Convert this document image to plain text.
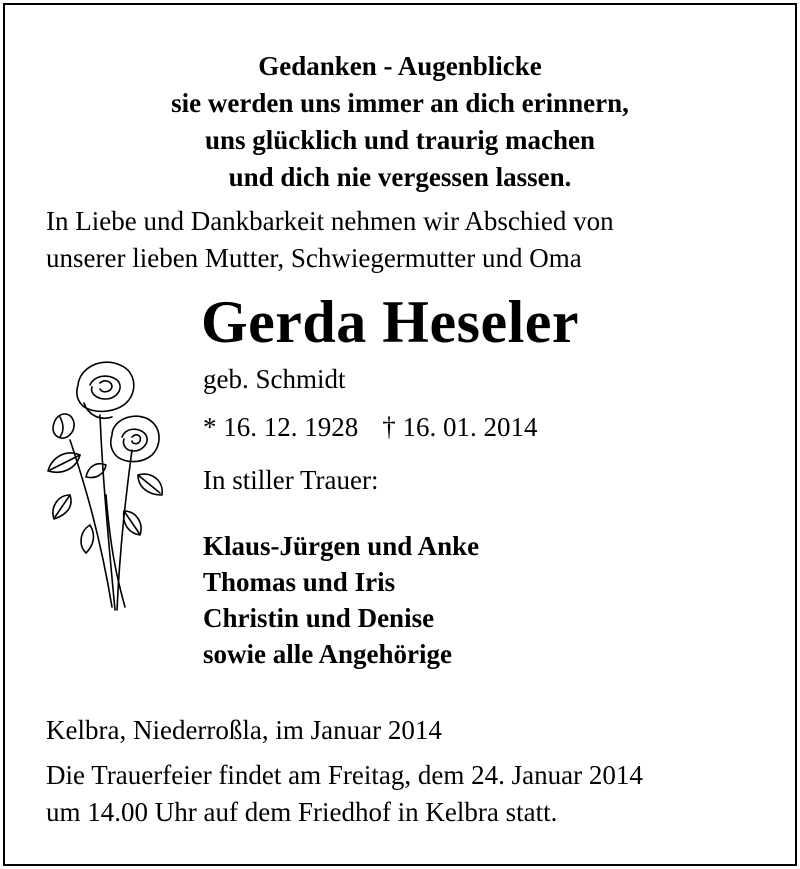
Gedanken - Augenblicke
sie werden uns immer an dich erinnern,
uns glücklich und traurig machen
und dich nie vergessen lassen.
In Liebe und Dankbarkeit nehmen wir Abschied von
unserer lieben Mutter, Schwiegermutter und Oma
Gerda Heseler
geb. Schmidt
* 16. 12. 1928 † 16. 01. 2014
In stiller Trauer:
Klaus-Jürgen und Anke
Thomas und Iris
Christin und Denise
sowie alle Angehörige
Kelbra, Niederroßla, im Januar 2014
Die Trauerfeier findet am Freitag, dem 24. Januar 2014
um 14.00 Uhr auf dem Friedhof in Kelbra statt.
